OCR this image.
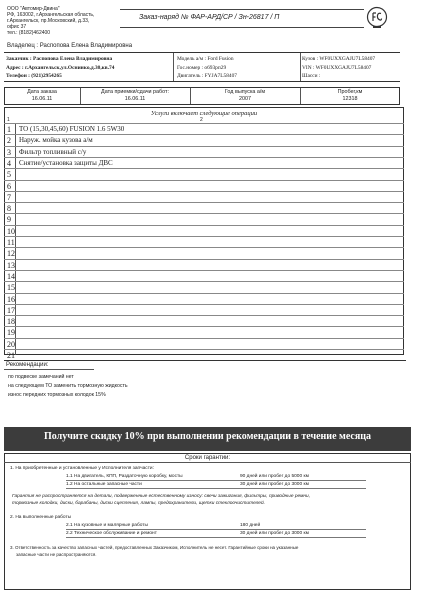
ООО "Автомир-Двина"
РФ, 163002, г.Архангельская область,
г.Архангельск, пр.Московский, д.33,
офис 37
тел.: (8182)462400
Заказ-наряд № ФАР-АРД/СР / Зн-26817 / П
Владелец : Распопова Елена Владимировна
Заказчик : Распопова Елена Владимировна
Адрес : г.Архангельск,ул.Оснинко,д.30,кв.74
Телефон : (921)2954265
Модель а/м : Ford Fusion
Гос.номер : о693рп29
Двигатель : FYJA7L58407
Кузов : WF0UXXGAJU7L58407
VIN : WF0UXXGAJU7L58407
Шасси :
Дата заказа
16.06.11
Дата приемки/сдачи работ:
16.06.11
Год выпуска а/м
2007
Пробег,км
12318
Услуги включает следующие операции
1	2
1	ТО (15,30,45,60) FUSION 1.6 5W30
2	Наруж. мойка кузова а/м
3	Фильтр топливный с/у
4	Снятие/установка защиты ДВС
5
6
7
8
9
10
11
12
13
14
15
16
17
18
19
20
21
Рекомендации:
по подвеске замечаний нет
на следующем ТО заменить тормозную жидкость
износ передних тормозных колодок 15%
Получите скидку 10% при выполнении рекомендации в течение месяца
Сроки гарантии:
1. На приобретенные и установленные у Исполнителя запчасти:
1.1 На двигатель, КПП, Раздаточную коробку, мосты	90 дней или пробег до 5000 км
1.2 На остальные запасные части	30 дней или пробег до 3000 км
Гарантия не распространяется на детали, подверженные естественному износу: свечи зажигания, фильтры, приводные ремни,
тормозные колодки, диски, барабаны, диски сцепления, лампы, предохранители, щетки стеклоочистителей.
2. На выполненные работы
2.1 На кузовные и малярные работы	180 дней
2.2 Техническое обслуживание и ремонт	30 дней или пробег до 3000 км
3. Ответственность за качество запасных частей, предоставленных Заказчиком, Исполнитель не несет. Гарантийные сроки на указанные
запасные части не распространяются.
